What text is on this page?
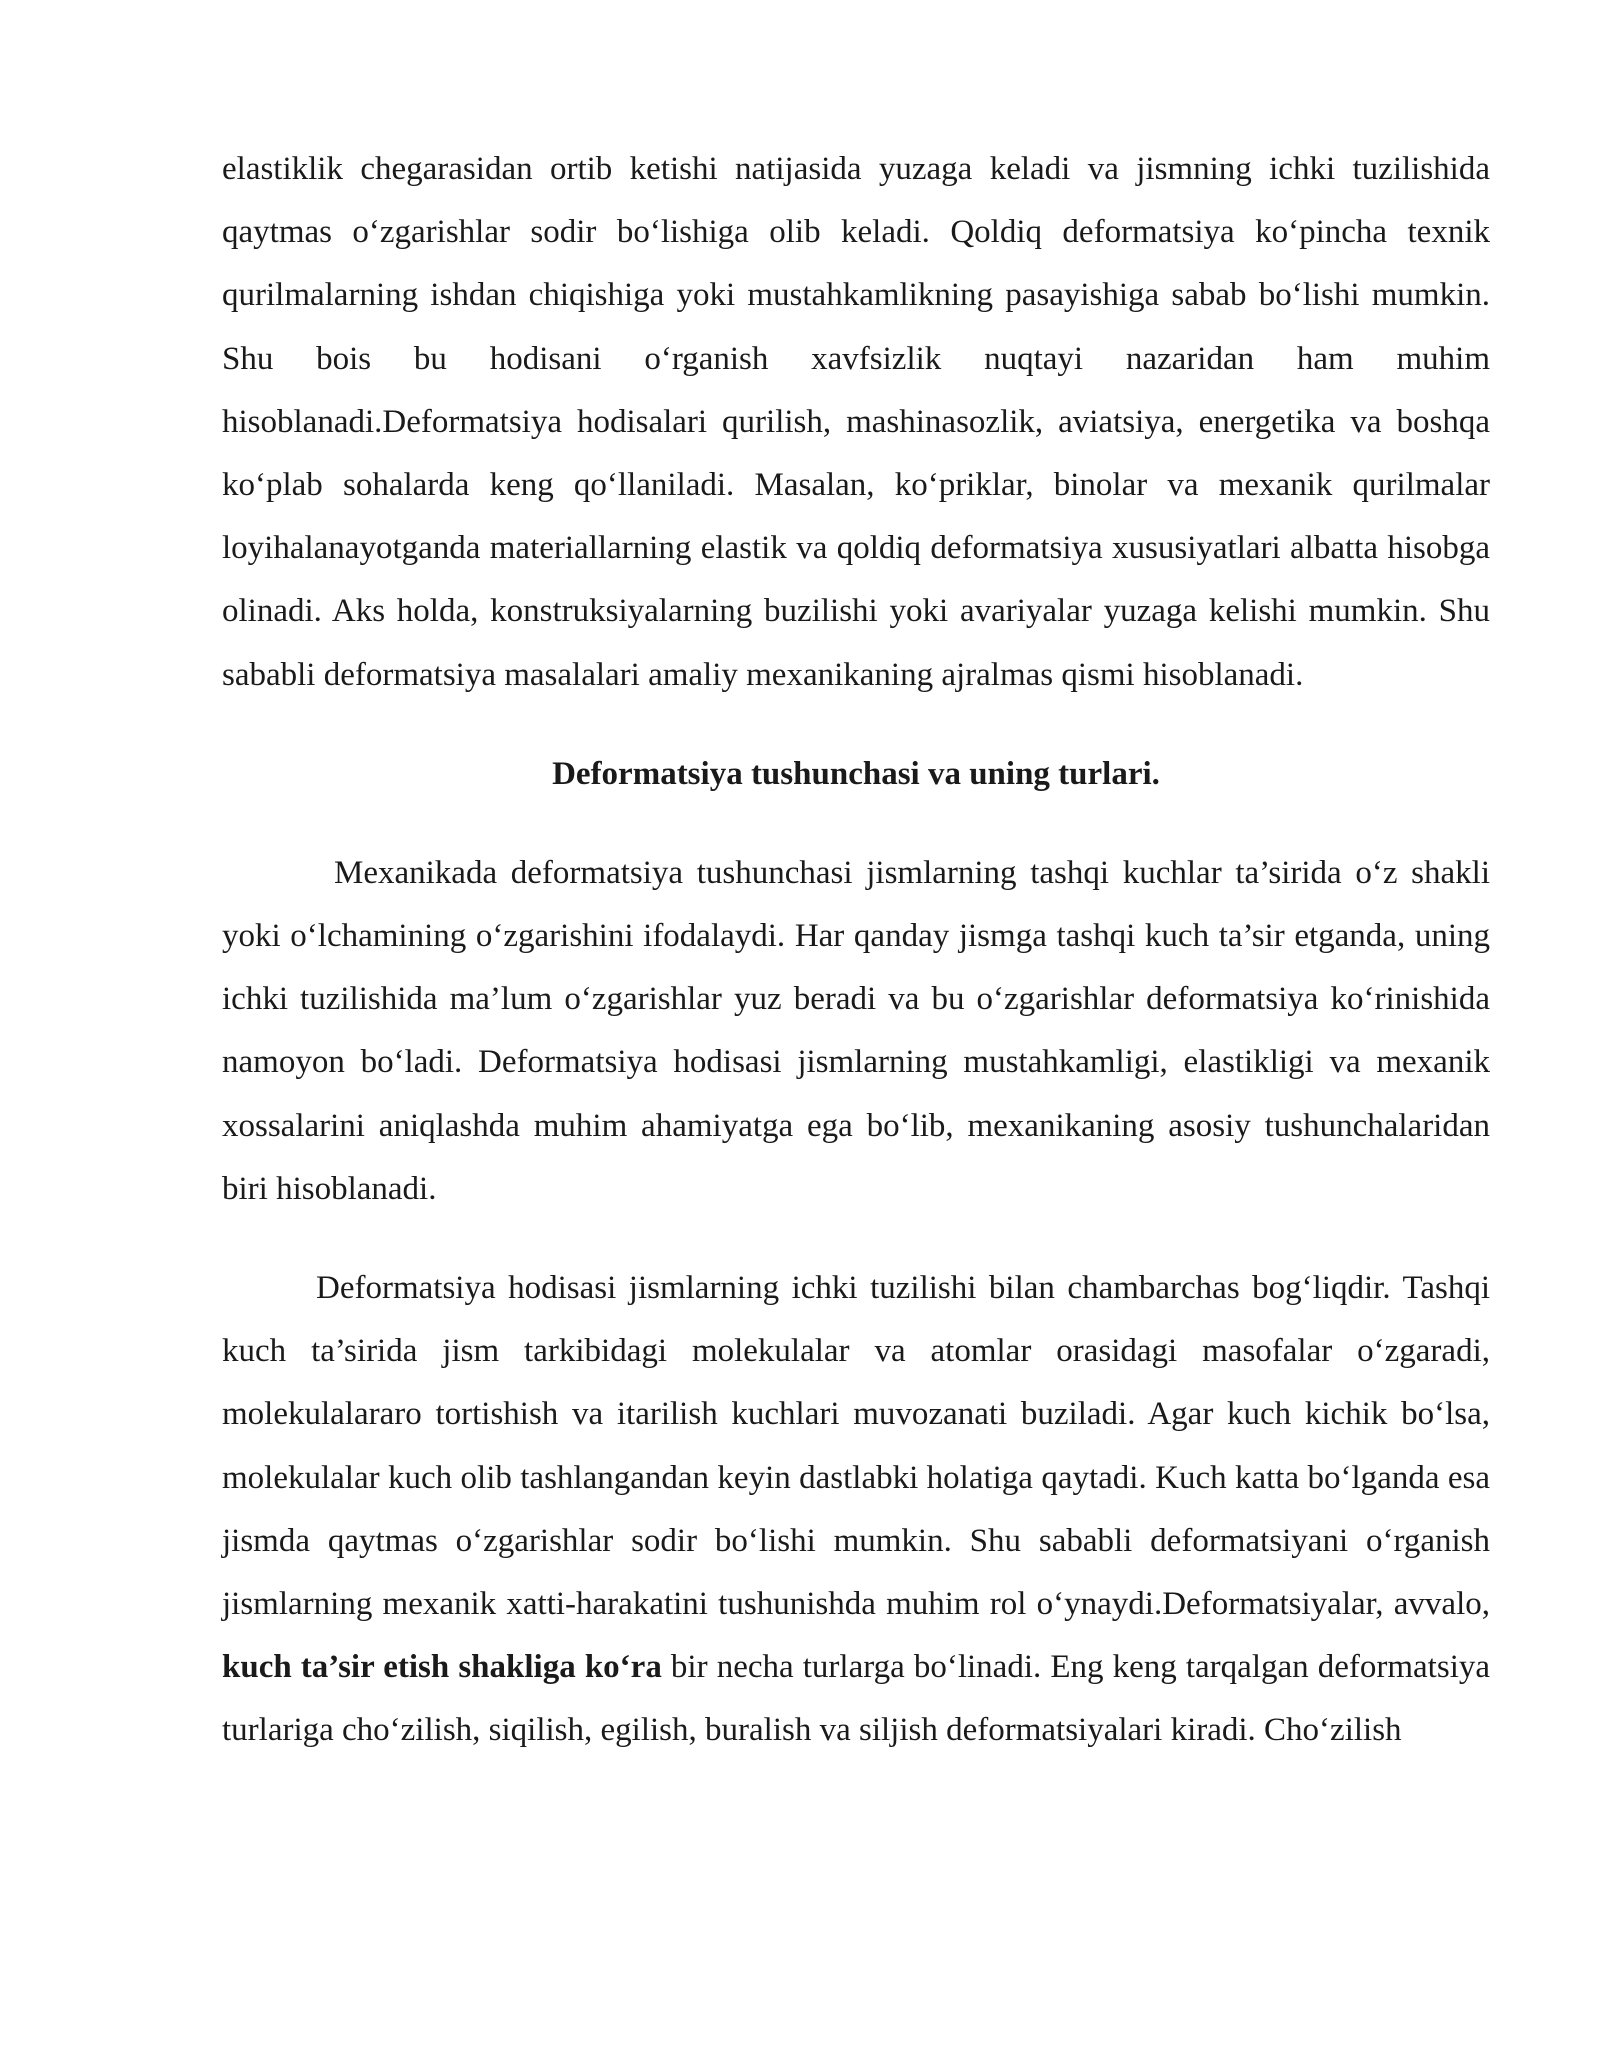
elastiklik chegarasidan ortib ketishi natijasida yuzaga keladi va jismning ichki tuzilishida qaytmas o‘zgarishlar sodir bo‘lishiga olib keladi. Qoldiq deformatsiya ko‘pincha texnik qurilmalarning ishdan chiqishiga yoki mustahkamlikning pasayishiga sabab bo‘lishi mumkin. Shu bois bu hodisani o‘rganish xavfsizlik nuqtayi nazaridan ham muhim hisoblanadi.Deformatsiya hodisalari qurilish, mashinasozlik, aviatsiya, energetika va boshqa ko‘plab sohalarda keng qo‘llaniladi. Masalan, ko‘priklar, binolar va mexanik qurilmalar loyihalanayotganda materiallarning elastik va qoldiq deformatsiya xususiyatlari albatta hisobga olinadi. Aks holda, konstruksiyalarning buzilishi yoki avariyalar yuzaga kelishi mumkin. Shu sababli deformatsiya masalalari amaliy mexanikaning ajralmas qismi hisoblanadi.

Deformatsiya tushunchasi va uning turlari.

Mexanikada deformatsiya tushunchasi jismlarning tashqi kuchlar ta’sirida o‘z shakli yoki o‘lchamining o‘zgarishini ifodalaydi. Har qanday jismga tashqi kuch ta’sir etganda, uning ichki tuzilishida ma’lum o‘zgarishlar yuz beradi va bu o‘zgarishlar deformatsiya ko‘rinishida namoyon bo‘ladi. Deformatsiya hodisasi jismlarning mustahkamligi, elastikligi va mexanik xossalarini aniqlashda muhim ahamiyatga ega bo‘lib, mexanikaning asosiy tushunchalaridan biri hisoblanadi.

Deformatsiya hodisasi jismlarning ichki tuzilishi bilan chambarchas bog‘liqdir. Tashqi kuch ta’sirida jism tarkibidagi molekulalar va atomlar orasidagi masofalar o‘zgaradi, molekulalararo tortishish va itarilish kuchlari muvozanati buziladi. Agar kuch kichik bo‘lsa, molekulalar kuch olib tashlangandan keyin dastlabki holatiga qaytadi. Kuch katta bo‘lganda esa jismda qaytmas o‘zgarishlar sodir bo‘lishi mumkin. Shu sababli deformatsiyani o‘rganish jismlarning mexanik xatti-harakatini tushunishda muhim rol o‘ynaydi.Deformatsiyalar, avvalo, kuch ta’sir etish shakliga ko‘ra bir necha turlarga bo‘linadi. Eng keng tarqalgan deformatsiya turlariga cho‘zilish, siqilish, egilish, buralish va siljish deformatsiyalari kiradi. Cho‘zilish
